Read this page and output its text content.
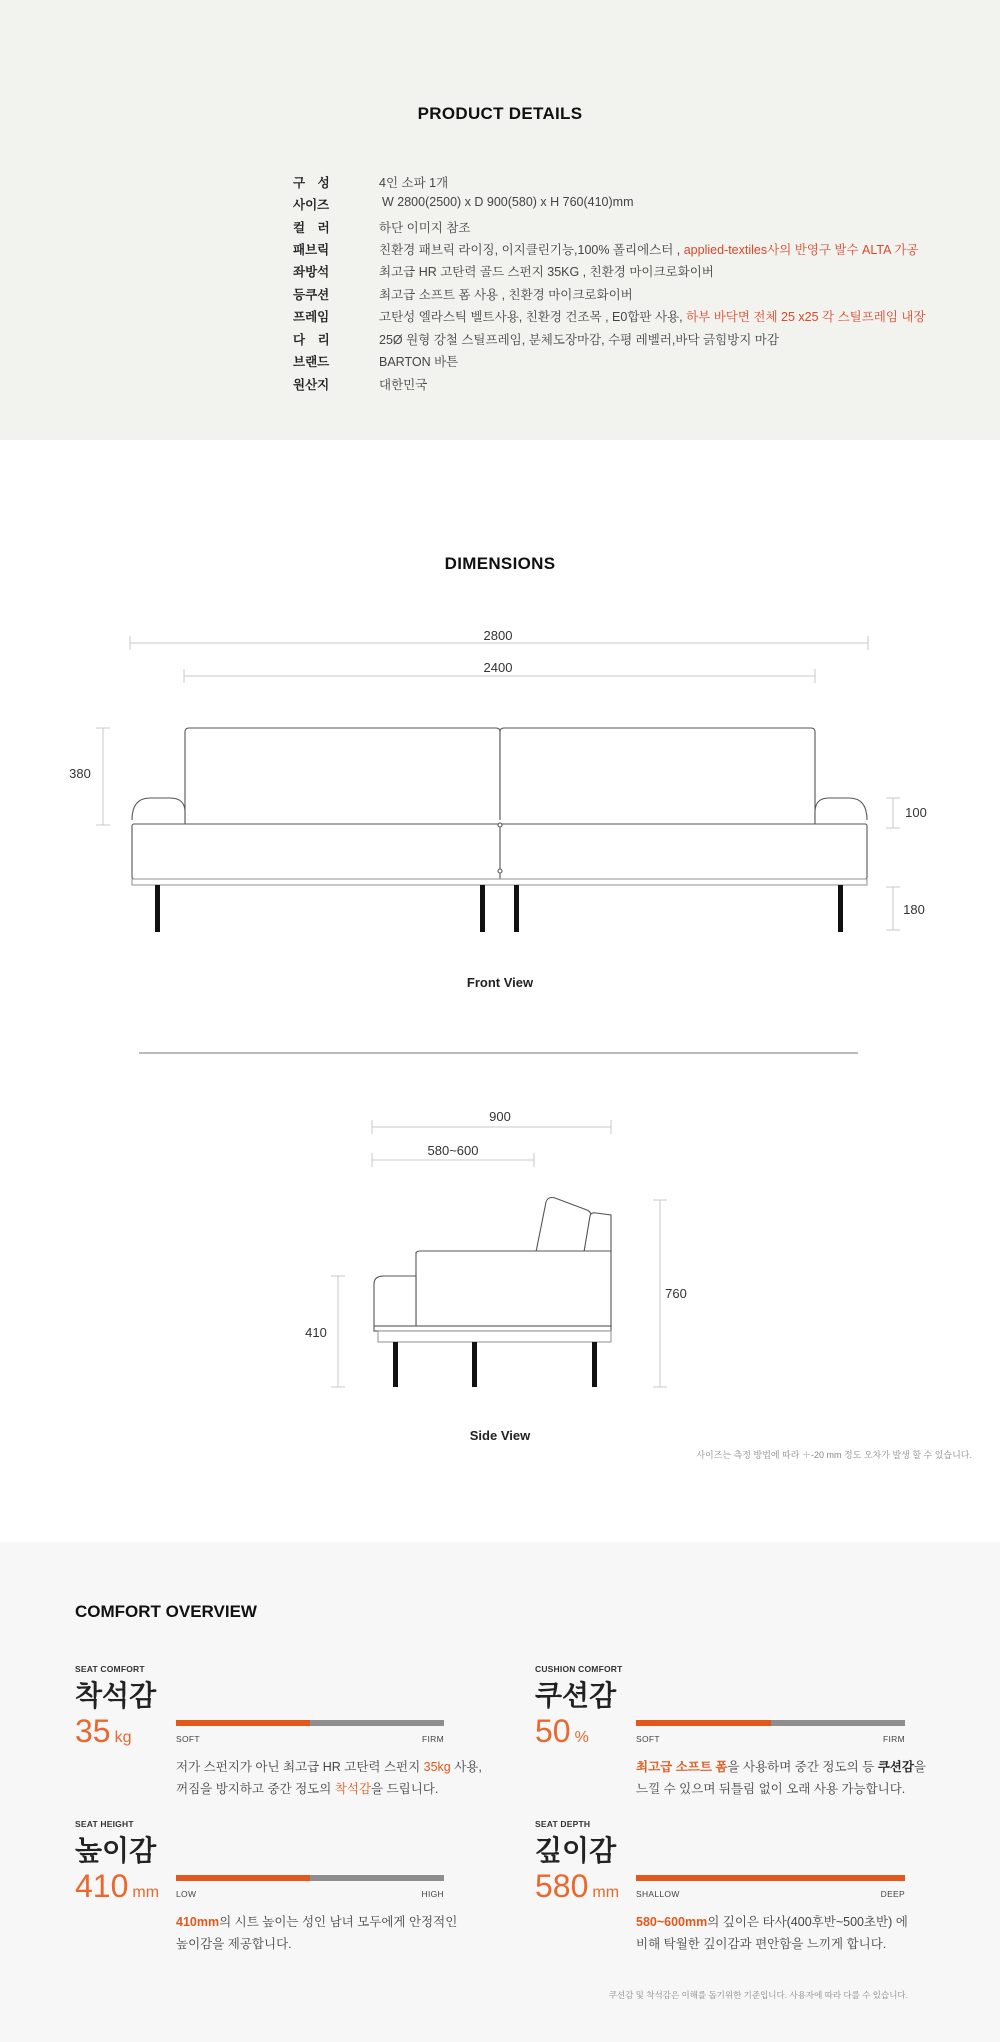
PRODUCT DETAILS
구　성	4인 소파 1개
사이즈	W 2800(2500) x D 900(580) x H 760(410)mm
컬　러	하단 이미지 참조
패브릭	친환경 패브릭 라이징, 이지클린기능,100% 폴리에스터 , applied-textiles사의 반영구 발수 ALTA 가공
좌방석	최고급 HR 고탄력 골드 스펀지 35KG , 친환경 마이크로화이버
등쿠션	최고급 소프트 폼 사용 , 친환경 마이크로화이버
프레임	고탄성 엘라스틱 벨트사용, 친환경 건조목 , E0합판 사용, 하부 바닥면 전체 25 x25 각 스틸프레임 내장
다　리	25Ø 원형 강철 스틸프레임, 분체도장마감, 수평 레벨러,바닥 긁힘방지 마감
브랜드	BARTON 바튼
원산지	대한민국
DIMENSIONS
2800
2400
380
100
180
900
580~600
410
760
Front View
Side View
사이즈는 측정 방법에 따라 ＋-20 mm 정도 오차가 발생 할 수 있습니다.
COMFORT OVERVIEW
SEAT COMFORT
착석감
35 kg	SOFT	FIRM
저가 스펀지가 아닌 최고급 HR 고탄력 스펀지 35kg 사용,
꺼짐을 방지하고 중간 정도의 착석감을 드립니다.
CUSHION COMFORT
쿠션감
50 %	SOFT	FIRM
최고급 소프트 폼을 사용하며 중간 정도의 등 쿠션감을
느낄 수 있으며 뒤틀림 없이 오래 사용 가능합니다.
SEAT HEIGHT
높이감
410 mm LOW	HIGH
410mm의 시트 높이는 성인 남녀 모두에게 안정적인
높이감을 제공합니다.
SEAT DEPTH
깊이감
580 mm SHALLOW	DEEP
580~600mm의 깊이은 타사(400후반~500초반) 에
비해 탁월한 깊이감과 편안함을 느끼게 합니다.
쿠션감 및 착석감은 이해를 돕기위한 기준입니다. 사용자에 따라 다를 수 있습니다.
